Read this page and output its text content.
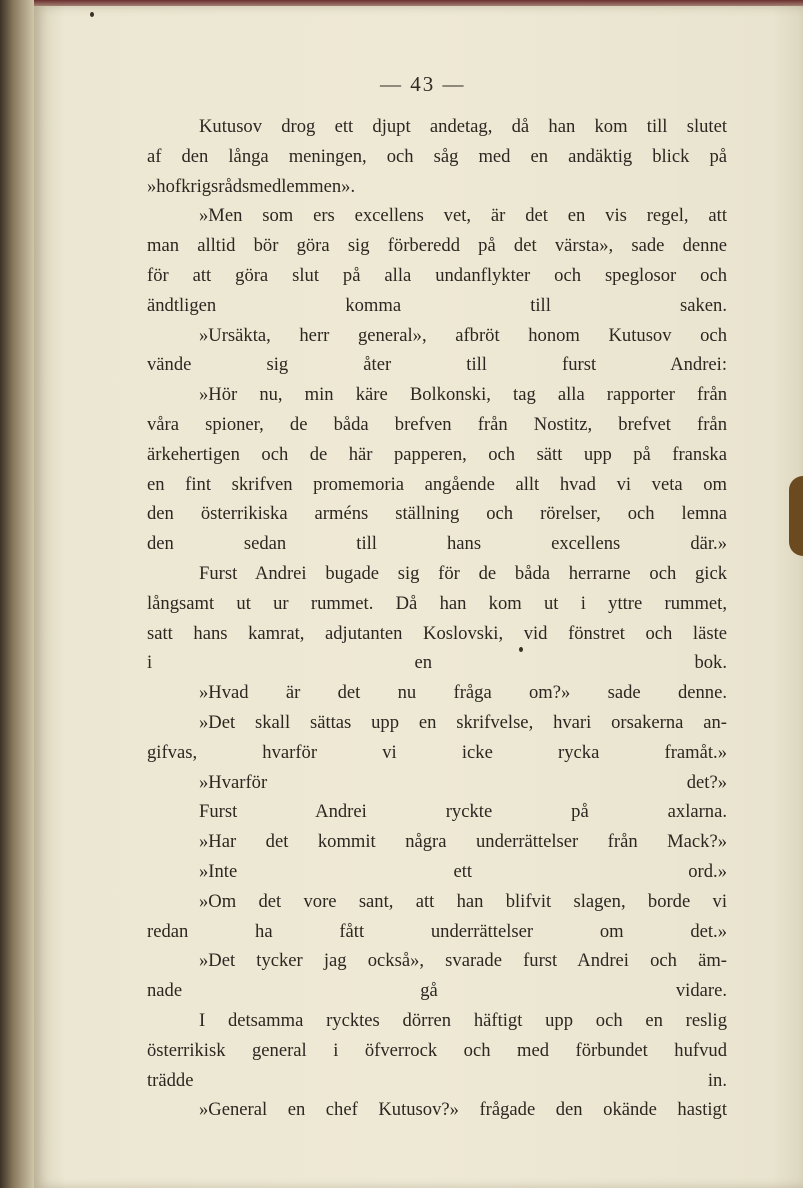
— 43 —
Kutusov drog ett djupt andetag, då han kom till slutet
af den långa meningen, och såg med en andäktig blick på
»hofkrigsrådsmedlemmen».
»Men som ers excellens vet, är det en vis regel, att
man alltid bör göra sig förberedd på det värsta», sade denne
för att göra slut på alla undanflykter och speglosor och
ändtligen komma till saken.
»Ursäkta, herr general», afbröt honom Kutusov och
vände sig åter till furst Andrei:
»Hör nu, min käre Bolkonski, tag alla rapporter från
våra spioner, de båda brefven från Nostitz, brefvet från
ärkehertigen och de här papperen, och sätt upp på franska
en fint skrifven promemoria angående allt hvad vi veta om
den österrikiska arméns ställning och rörelser, och lemna
den sedan till hans excellens där.»
Furst Andrei bugade sig för de båda herrarne och gick
långsamt ut ur rummet. Då han kom ut i yttre rummet,
satt hans kamrat, adjutanten Koslovski, vid fönstret och läste
i en bok.
»Hvad är det nu fråga om?» sade denne.
»Det skall sättas upp en skrifvelse, hvari orsakerna an-
gifvas, hvarför vi icke rycka framåt.»
»Hvarför det?»
Furst Andrei ryckte på axlarna.
»Har det kommit några underrättelser från Mack?»
»Inte ett ord.»
»Om det vore sant, att han blifvit slagen, borde vi
redan ha fått underrättelser om det.»
»Det tycker jag också», svarade furst Andrei och äm-
nade gå vidare.
I detsamma rycktes dörren häftigt upp och en reslig
österrikisk general i öfverrock och med förbundet hufvud
trädde in.
»General en chef Kutusov?» frågade den okände hastigt
